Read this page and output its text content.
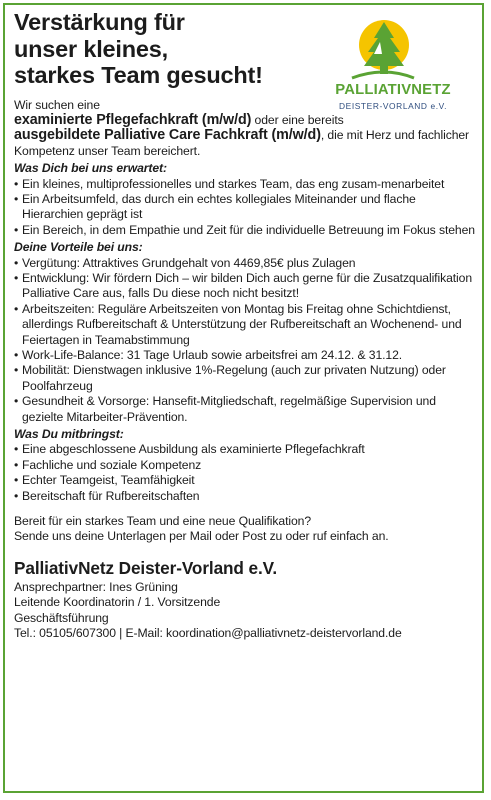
PALLIATIVNETZ
DEISTER-VORLAND e.V.
Verstärkung für
unser kleines,
starkes Team gesucht!

Wir suchen eine

examinierte Pflegefachkraft (m/w/d) oder eine bereits

ausgebildete Palliative Care Fachkraft (m/w/d), die mit Herz und fachlicher Kompetenz unser Team bereichert.

Was Dich bei uns erwartet:
• Ein kleines, multiprofessionelles und starkes Team, das eng zusam-menarbeitet
• Ein Arbeitsumfeld, das durch ein echtes kollegiales Miteinander und flache Hierarchien geprägt ist
• Ein Bereich, in dem Empathie und Zeit für die individuelle Betreuung im Fokus stehen
Deine Vorteile bei uns:
• Vergütung: Attraktives Grundgehalt von 4469,85€ plus Zulagen
• Entwicklung: Wir fördern Dich – wir bilden Dich auch gerne für die Zusatzqualifikation Palliative Care aus, falls Du diese noch nicht besitzt!
• Arbeitszeiten: Reguläre Arbeitszeiten von Montag bis Freitag ohne Schichtdienst, allerdings Rufbereitschaft & Unterstützung der Rufbereitschaft an Wochenend- und Feiertagen in Teamabstimmung
• Work-Life-Balance: 31 Tage Urlaub sowie arbeitsfrei am 24.12. & 31.12.
• Mobilität: Dienstwagen inklusive 1%-Regelung (auch zur privaten Nutzung) oder Poolfahrzeug
• Gesundheit & Vorsorge: Hansefit-Mitgliedschaft, regelmäßige Supervision und gezielte Mitarbeiter-Prävention.
Was Du mitbringst:
• Eine abgeschlossene Ausbildung als examinierte Pflegefachkraft
• Fachliche und soziale Kompetenz
• Echter Teamgeist, Teamfähigkeit
• Bereitschaft für Rufbereitschaften

Bereit für ein starkes Team und eine neue Qualifikation?

Sende uns deine Unterlagen per Mail oder Post zu oder ruf einfach an.

PalliativNetz Deister-Vorland e.V.

Ansprechpartner: Ines Grüning

Leitende Koordinatorin / 1. Vorsitzende

Geschäftsführung

Tel.: 05105/607300 | E-Mail: koordination@palliativnetz-deistervorland.de
